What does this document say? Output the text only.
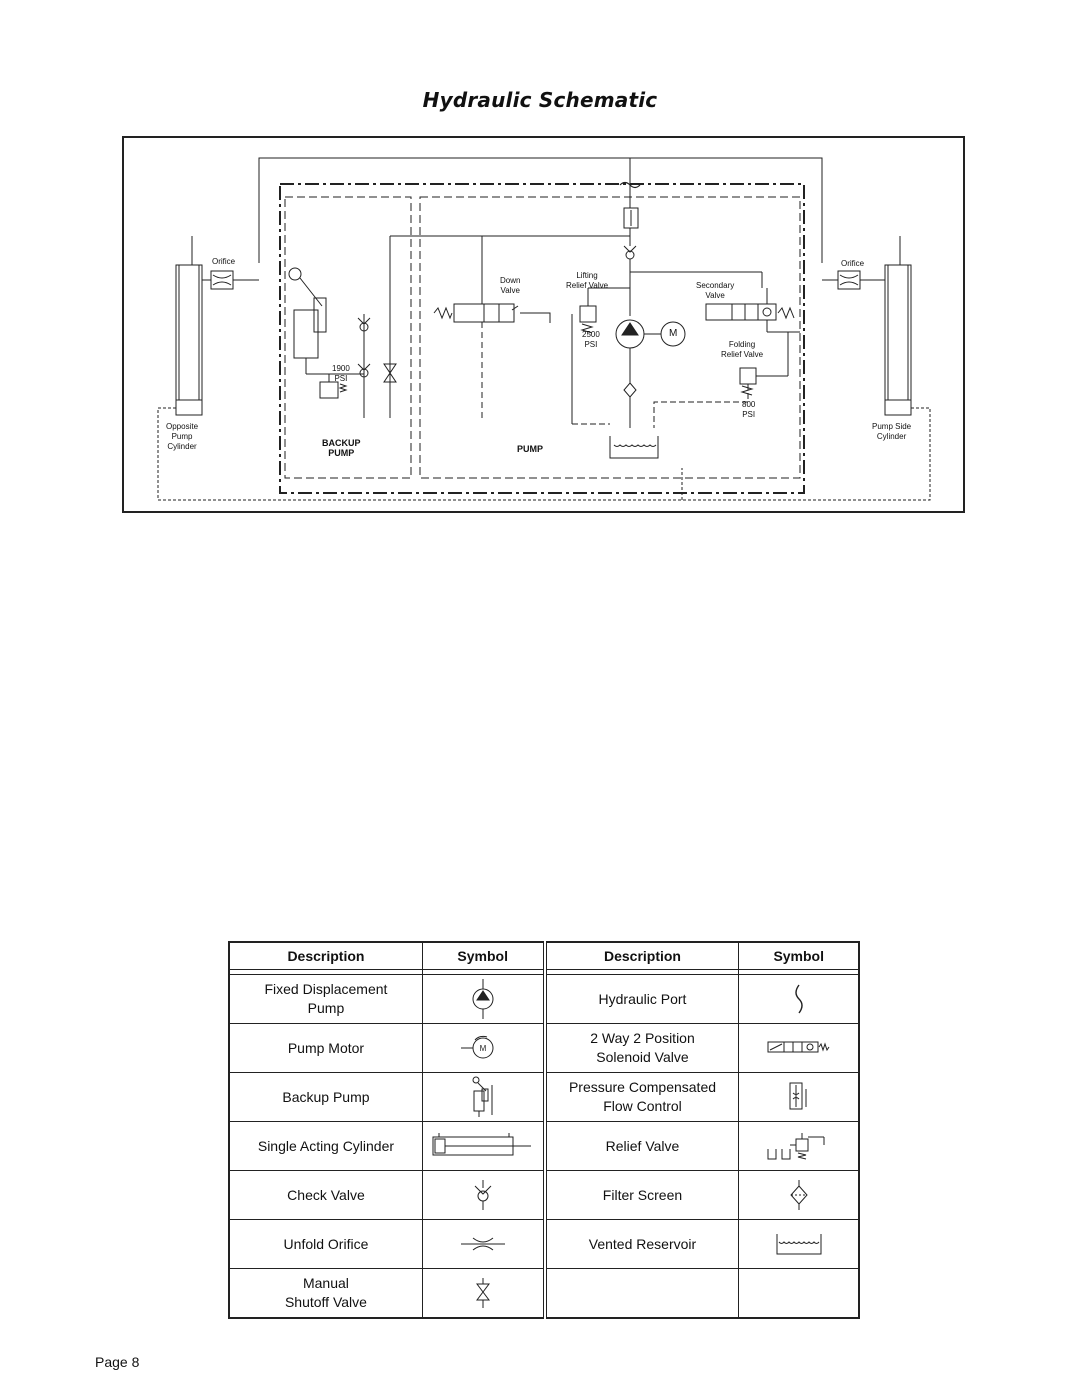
Hydraulic Schematic
Orifice	Orifice
Opposite
Pump
Cylinder
Pump Side
Cylinder
Down
Valve
Lifting
Relief Valve	Secondary
Valve
2500
PSI
M
Folding
Relief Valve
800
PSI
1900
PSI
BACKUP
PUMP	PUMP
Description	Symbol	Description	Symbol

Fixed Displacement
Pump		Hydraulic Port

Pump Motor	M	2 Way 2 Position
Solenoid Valve

Backup Pump		Pressure Compensated
Flow Control

Single Acting Cylinder		Relief Valve

Check Valve		Filter Screen

Unfold Orifice		Vented Reservoir

Manual
Shutoff Valve

Page 8
